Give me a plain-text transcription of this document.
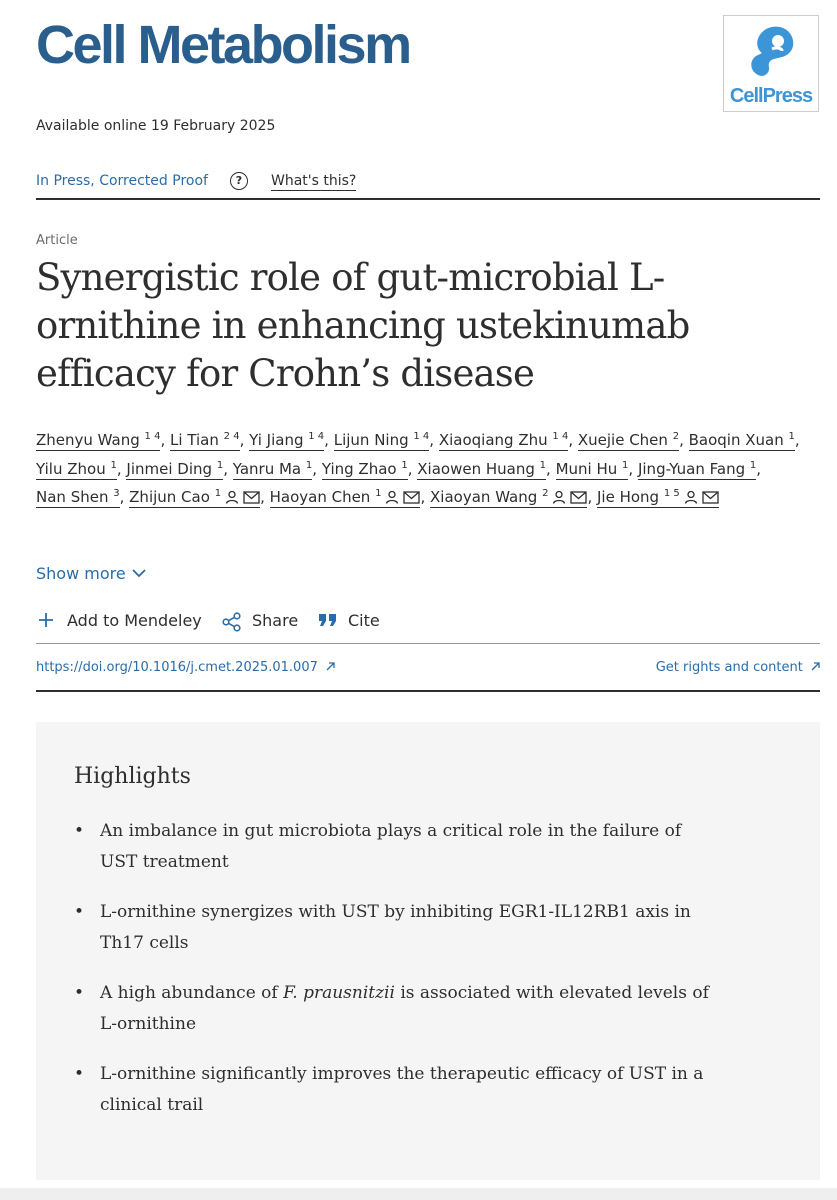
Cell Metabolism
CellPress
Available online 19 February 2025
In Press, Corrected Proof	?	What's this?
Article
Synergistic role of gut-microbial L-ornithine in enhancing ustekinumab efficacy for Crohn’s disease
Zhenyu Wang $^{1 4}$, Li Tian $^{2 4}$, Yi Jiang $^{1 4}$, Lijun Ning $^{1 4}$, Xiaoqiang Zhu $^{1 4}$, Xuejie Chen $^2$, Baoqin Xuan $^1$, Yilu Zhou $^1$, Jinmei Ding $^1$, Yanru Ma $^1$, Ying Zhao $^1$, Xiaowen Huang $^1$, Muni Hu $^1$, Jing-Yuan Fang $^1$, Nan Shen $^3$, Zhijun Cao $^1$	, Haoyan Chen $^1$	, Xiaoyan Wang $^2$	, Jie Hong $^{1 5}$
Show more
Add to Mendeley	Share	Cite
https://doi.org/10.1016/j.cmet.2025.01.007	Get rights and content
Highlights
• An imbalance in gut microbiota plays a critical role in the failure of UST treatment
• L-ornithine synergizes with UST by inhibiting EGR1-IL12RB1 axis in Th17 cells
• A high abundance of F. prausnitzii is associated with elevated levels of L-ornithine
• L-ornithine significantly improves the therapeutic efficacy of UST in a clinical trail
